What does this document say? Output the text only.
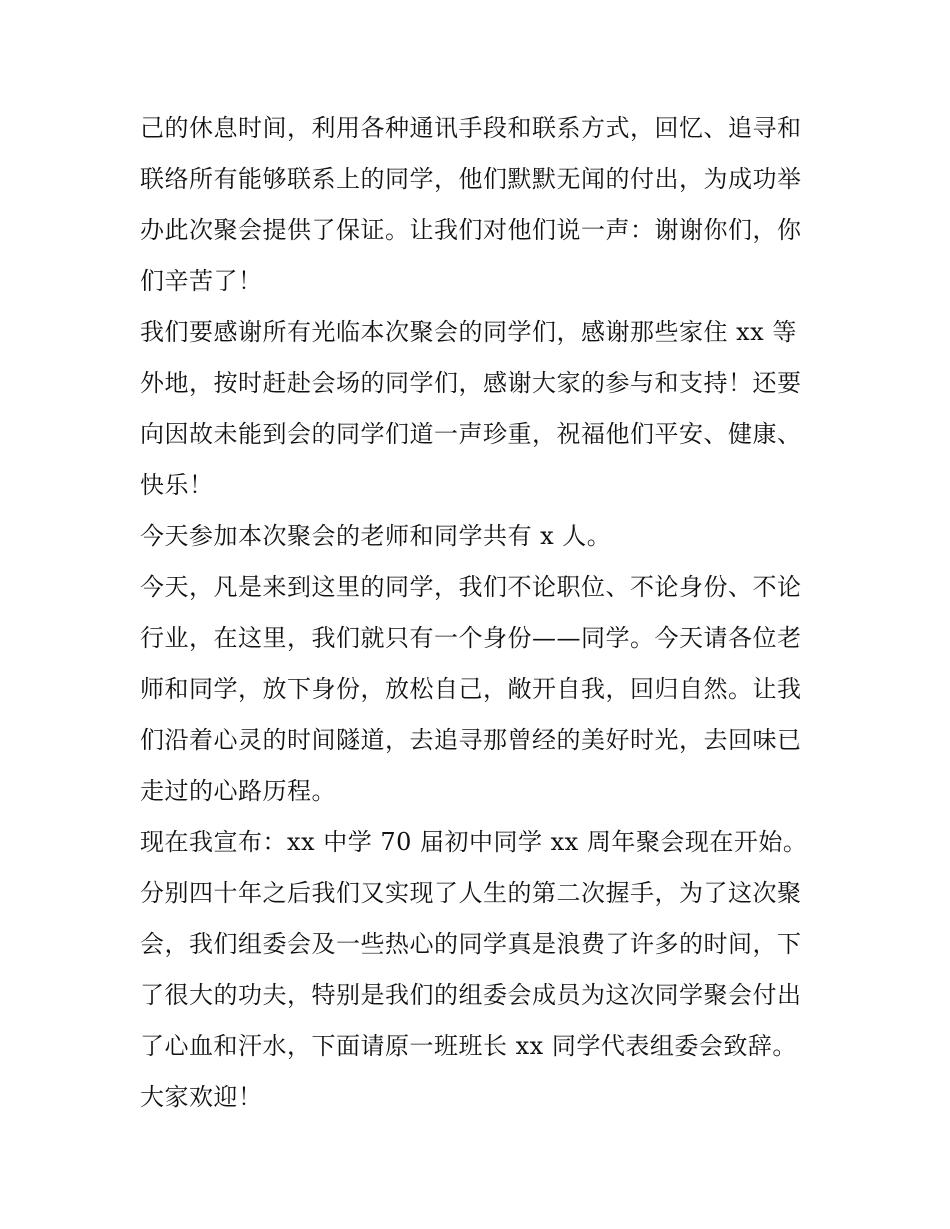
己的休息时间，利用各种通讯手段和联系方式，回忆、追寻和
联络所有能够联系上的同学，他们默默无闻的付出，为成功举
办此次聚会提供了保证。让我们对他们说一声：谢谢你们，你
们辛苦了！
我们要感谢所有光临本次聚会的同学们，感谢那些家住 xx 等
外地，按时赶赴会场的同学们，感谢大家的参与和支持！还要
向因故未能到会的同学们道一声珍重，祝福他们平安、健康、
快乐！
今天参加本次聚会的老师和同学共有 x 人。
今天，凡是来到这里的同学，我们不论职位、不论身份、不论
行业，在这里，我们就只有一个身份——同学。今天请各位老
师和同学，放下身份，放松自己，敞开自我，回归自然。让我
们沿着心灵的时间隧道，去追寻那曾经的美好时光，去回味已
走过的心路历程。
现在我宣布：xx 中学 70 届初中同学 xx 周年聚会现在开始。
分别四十年之后我们又实现了人生的第二次握手，为了这次聚
会，我们组委会及一些热心的同学真是浪费了许多的时间，下
了很大的功夫，特别是我们的组委会成员为这次同学聚会付出
了心血和汗水，下面请原一班班长 xx 同学代表组委会致辞。
大家欢迎！
